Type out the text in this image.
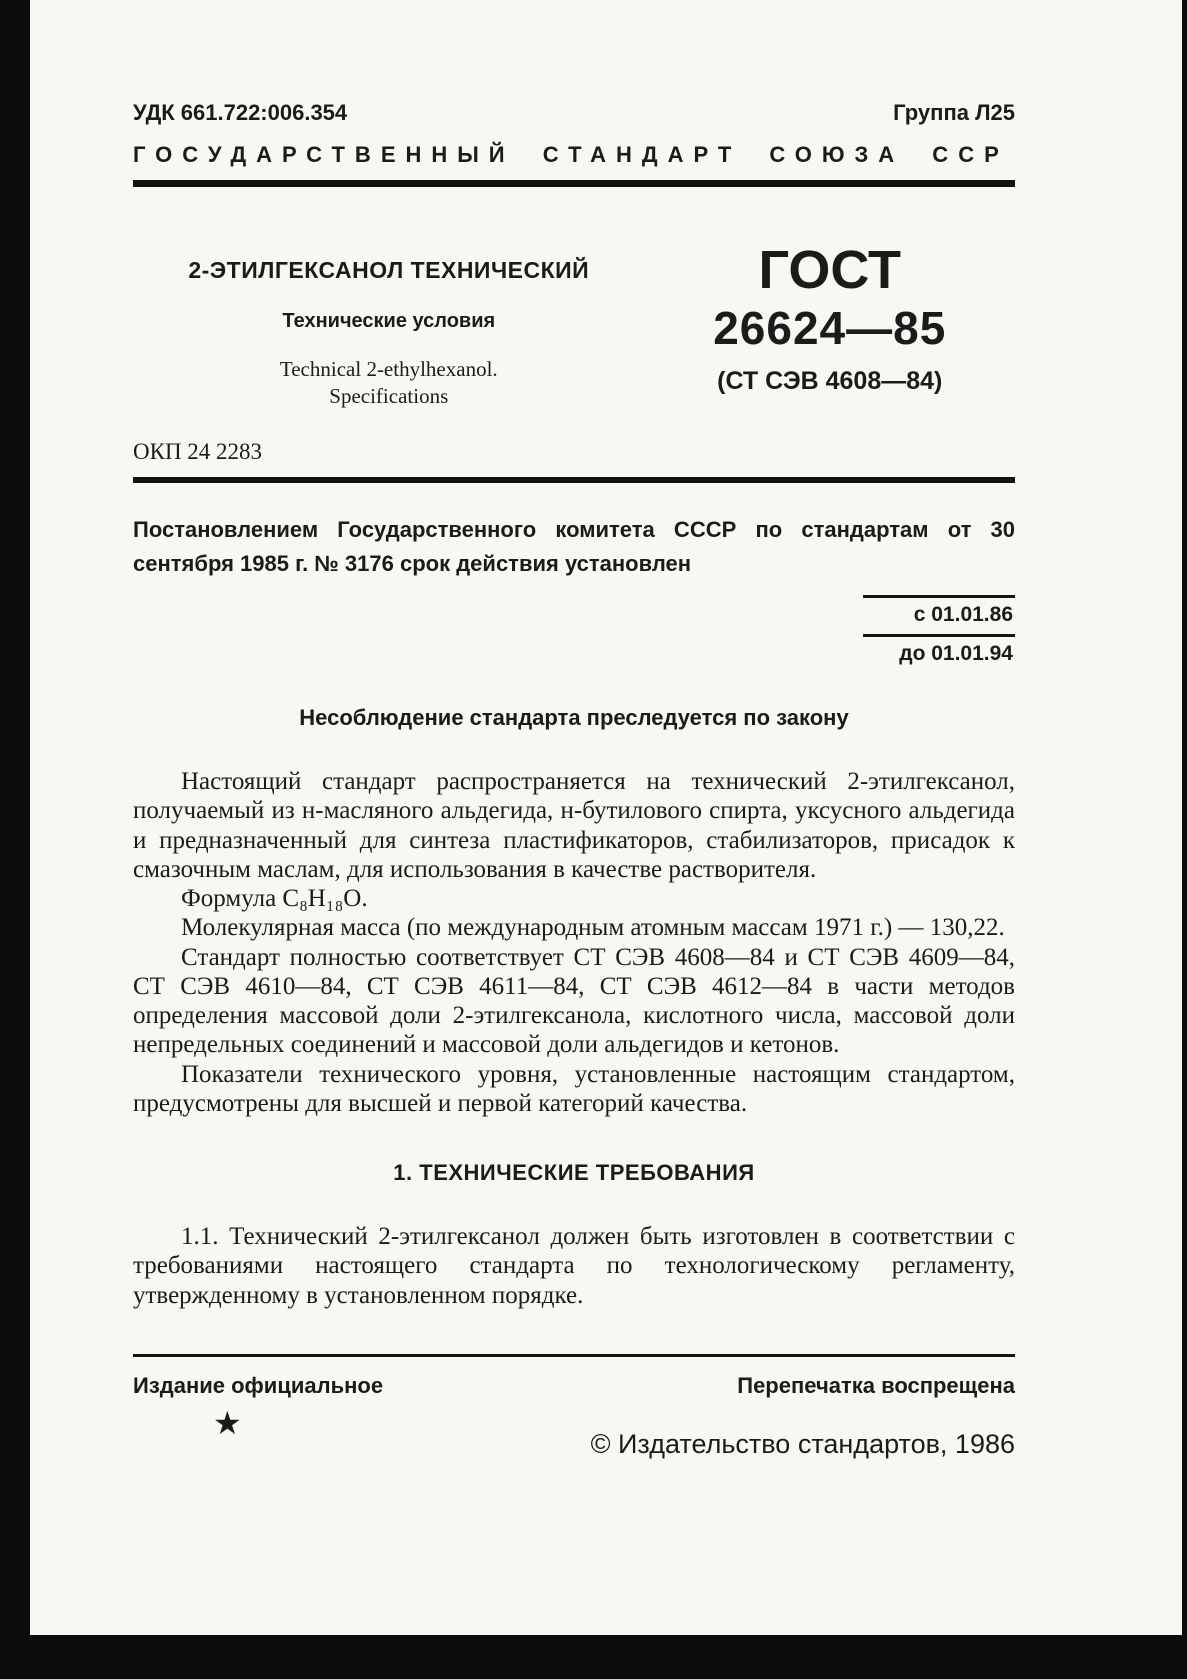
УДК 661.722:006.354	Группа Л25
ГОСУДАРСТВЕННЫЙ СТАНДАРТ СОЮЗА ССР
2-ЭТИЛГЕКСАНОЛ ТЕХНИЧЕСКИЙ
Технические условия
Technical 2-ethylhexanol.
Specifications
ГОСТ
26624—85
(СТ СЭВ 4608—84)
ОКП 24 2283
Постановлением Государственного комитета СССР по стандартам от 30 сентября 1985 г. № 3176 срок действия установлен
с 01.01.86
до 01.01.94
Несоблюдение стандарта преследуется по закону

Настоящий стандарт распространяется на технический 2-этилгексанол, получаемый из н-масляного альдегида, н-бутилового спирта, уксусного альдегида и предназначенный для синтеза пластификаторов, стабилизаторов, присадок к смазочным маслам, для использования в качестве растворителя.

Формула С₈Н₁₈О.

Молекулярная масса (по международным атомным массам 1971 г.) — 130,22.

Стандарт полностью соответствует СТ СЭВ 4608—84 и СТ СЭВ 4609—84, СТ СЭВ 4610—84, СТ СЭВ 4611—84, СТ СЭВ 4612—84 в части методов определения массовой доли 2-этилгексанола, кислотного числа, массовой доли непредельных соединений и массовой доли альдегидов и кетонов.

Показатели технического уровня, установленные настоящим стандартом, предусмотрены для высшей и первой категорий качества.

1. ТЕХНИЧЕСКИЕ ТРЕБОВАНИЯ

1.1. Технический 2-этилгексанол должен быть изготовлен в соответствии с требованиями настоящего стандарта по технологическому регламенту, утвержденному в установленном порядке.

Издание официальное	Перепечатка воспрещена
★
© Издательство стандартов, 1986
